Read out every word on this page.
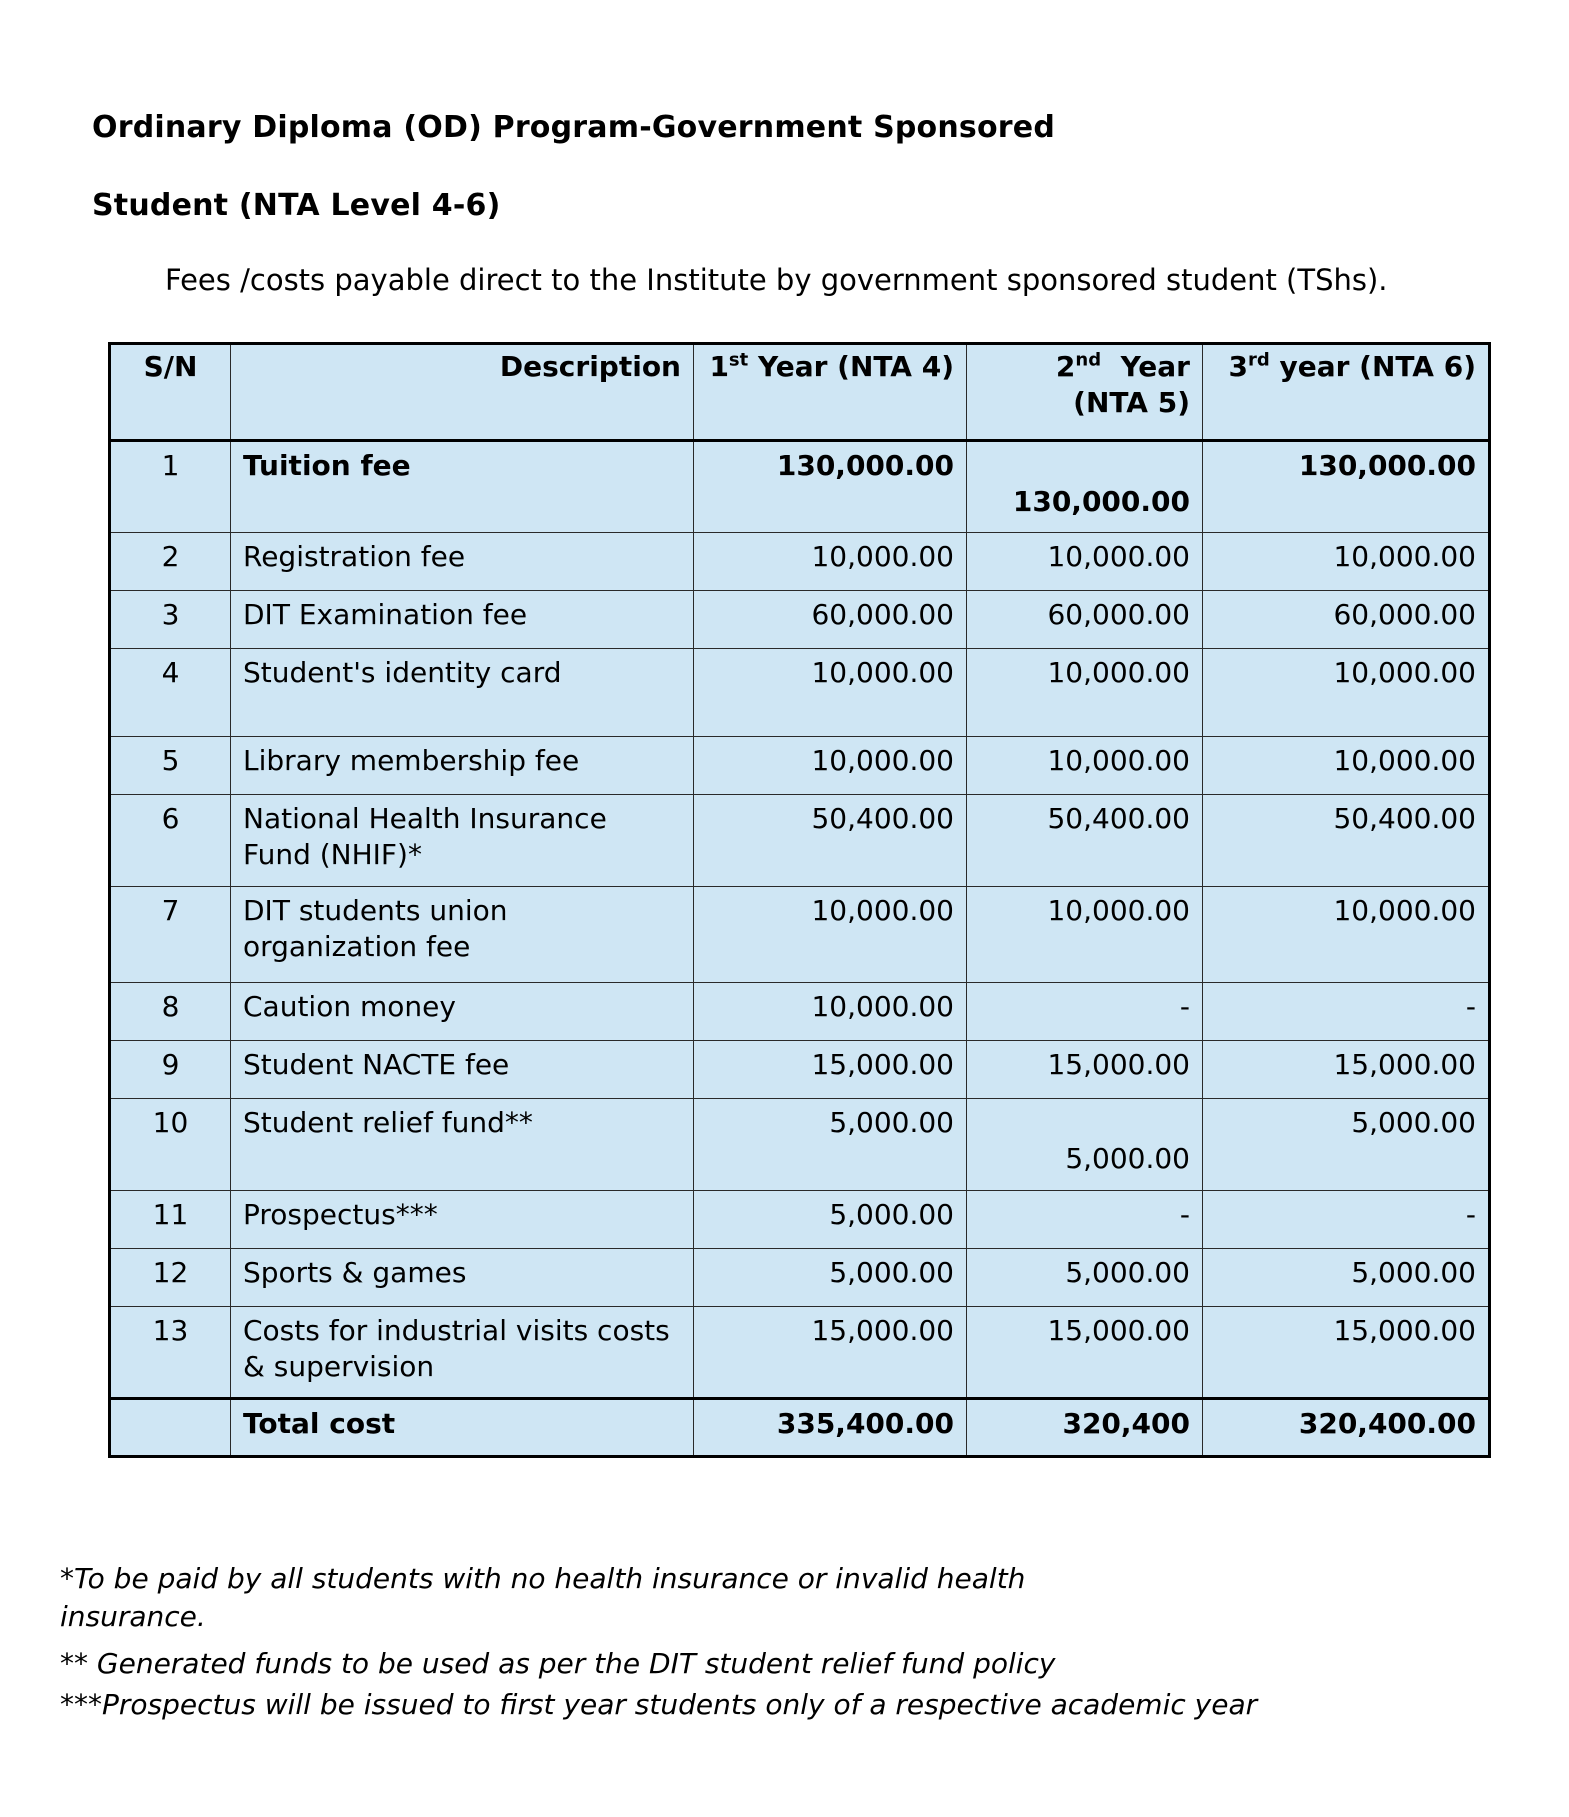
Ordinary Diploma (OD) Program-Government Sponsored
Student (NTA Level 4-6)
Fees /costs payable direct to the Institute by government sponsored student (TShs).
S/N	Description	1st Year (NTA 4)	2nd  Year (NTA 5)	3rd year (NTA 6)
1	Tuition fee	130,000.00	130,000.00	130,000.00
2	Registration fee	10,000.00	10,000.00	10,000.00
3	DIT Examination fee	60,000.00	60,000.00	60,000.00
4	Student's identity card	10,000.00	10,000.00	10,000.00
5	Library membership fee	10,000.00	10,000.00	10,000.00
6	National Health Insurance Fund (NHIF)*	50,400.00	50,400.00	50,400.00
7	DIT students union organization fee	10,000.00	10,000.00	10,000.00
8	Caution money	10,000.00	-	-
9	Student NACTE fee	15,000.00	15,000.00	15,000.00
10	Student relief fund**	5,000.00	5,000.00	5,000.00
11	Prospectus***	5,000.00	-	-
12	Sports & games	5,000.00	5,000.00	5,000.00
13	Costs for industrial visits costs & supervision	15,000.00	15,000.00	15,000.00
	Total cost	335,400.00	320,400	320,400.00
*To be paid by all students with no health insurance or invalid health insurance.
** Generated funds to be used as per the DIT student relief fund policy
***Prospectus will be issued to first year students only of a respective academic year
